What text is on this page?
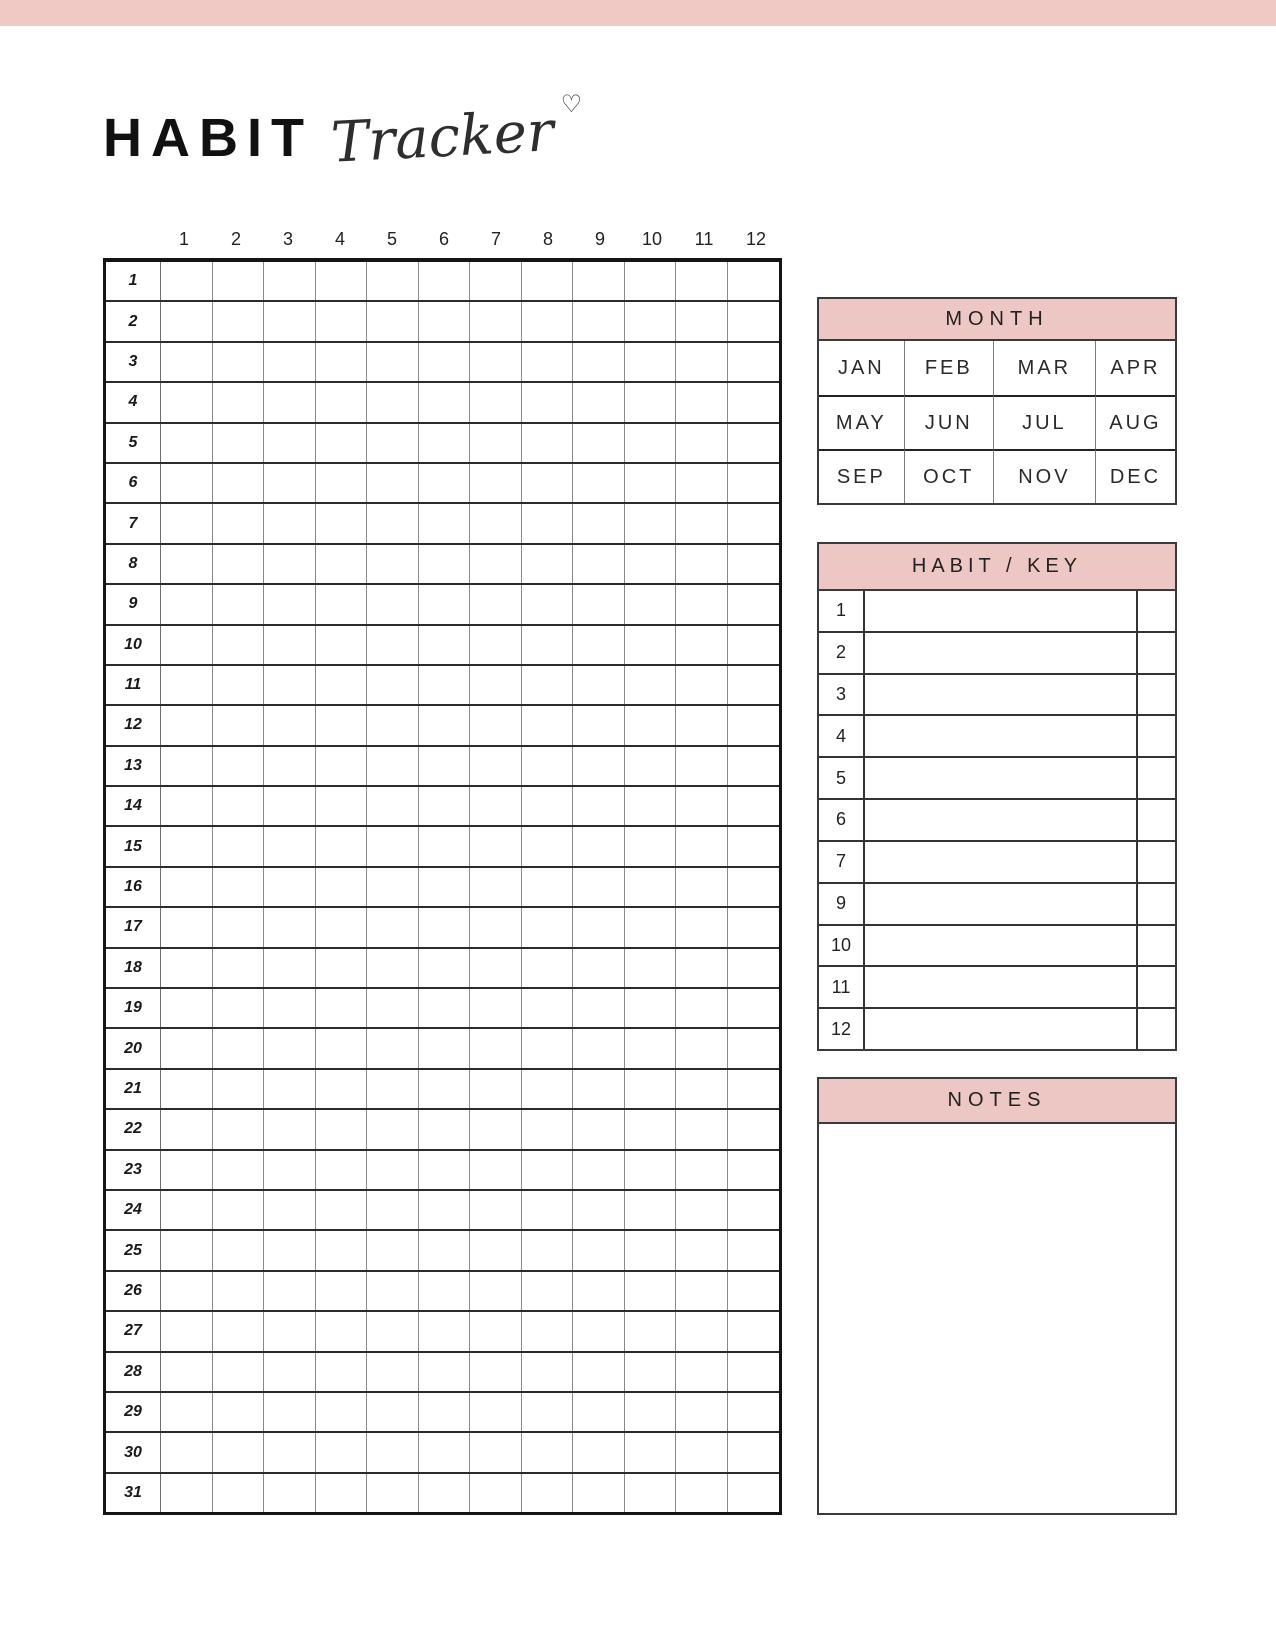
HABIT Tracker ♡
1	2	3	4	5	6	7	8	9	10	11	12
1
2
3
4
5
6
7
8
9
10
11
12
13
14
15
16
17
18
19
20
21
22
23
24
25
26
27
28
29
30
31
MONTH
JAN	FEB	MAR	APR
MAY	JUN	JUL	AUG
SEP	OCT	NOV	DEC
HABIT / KEY
1
2
3
4
5
6
7
9
10
11
12
NOTES
